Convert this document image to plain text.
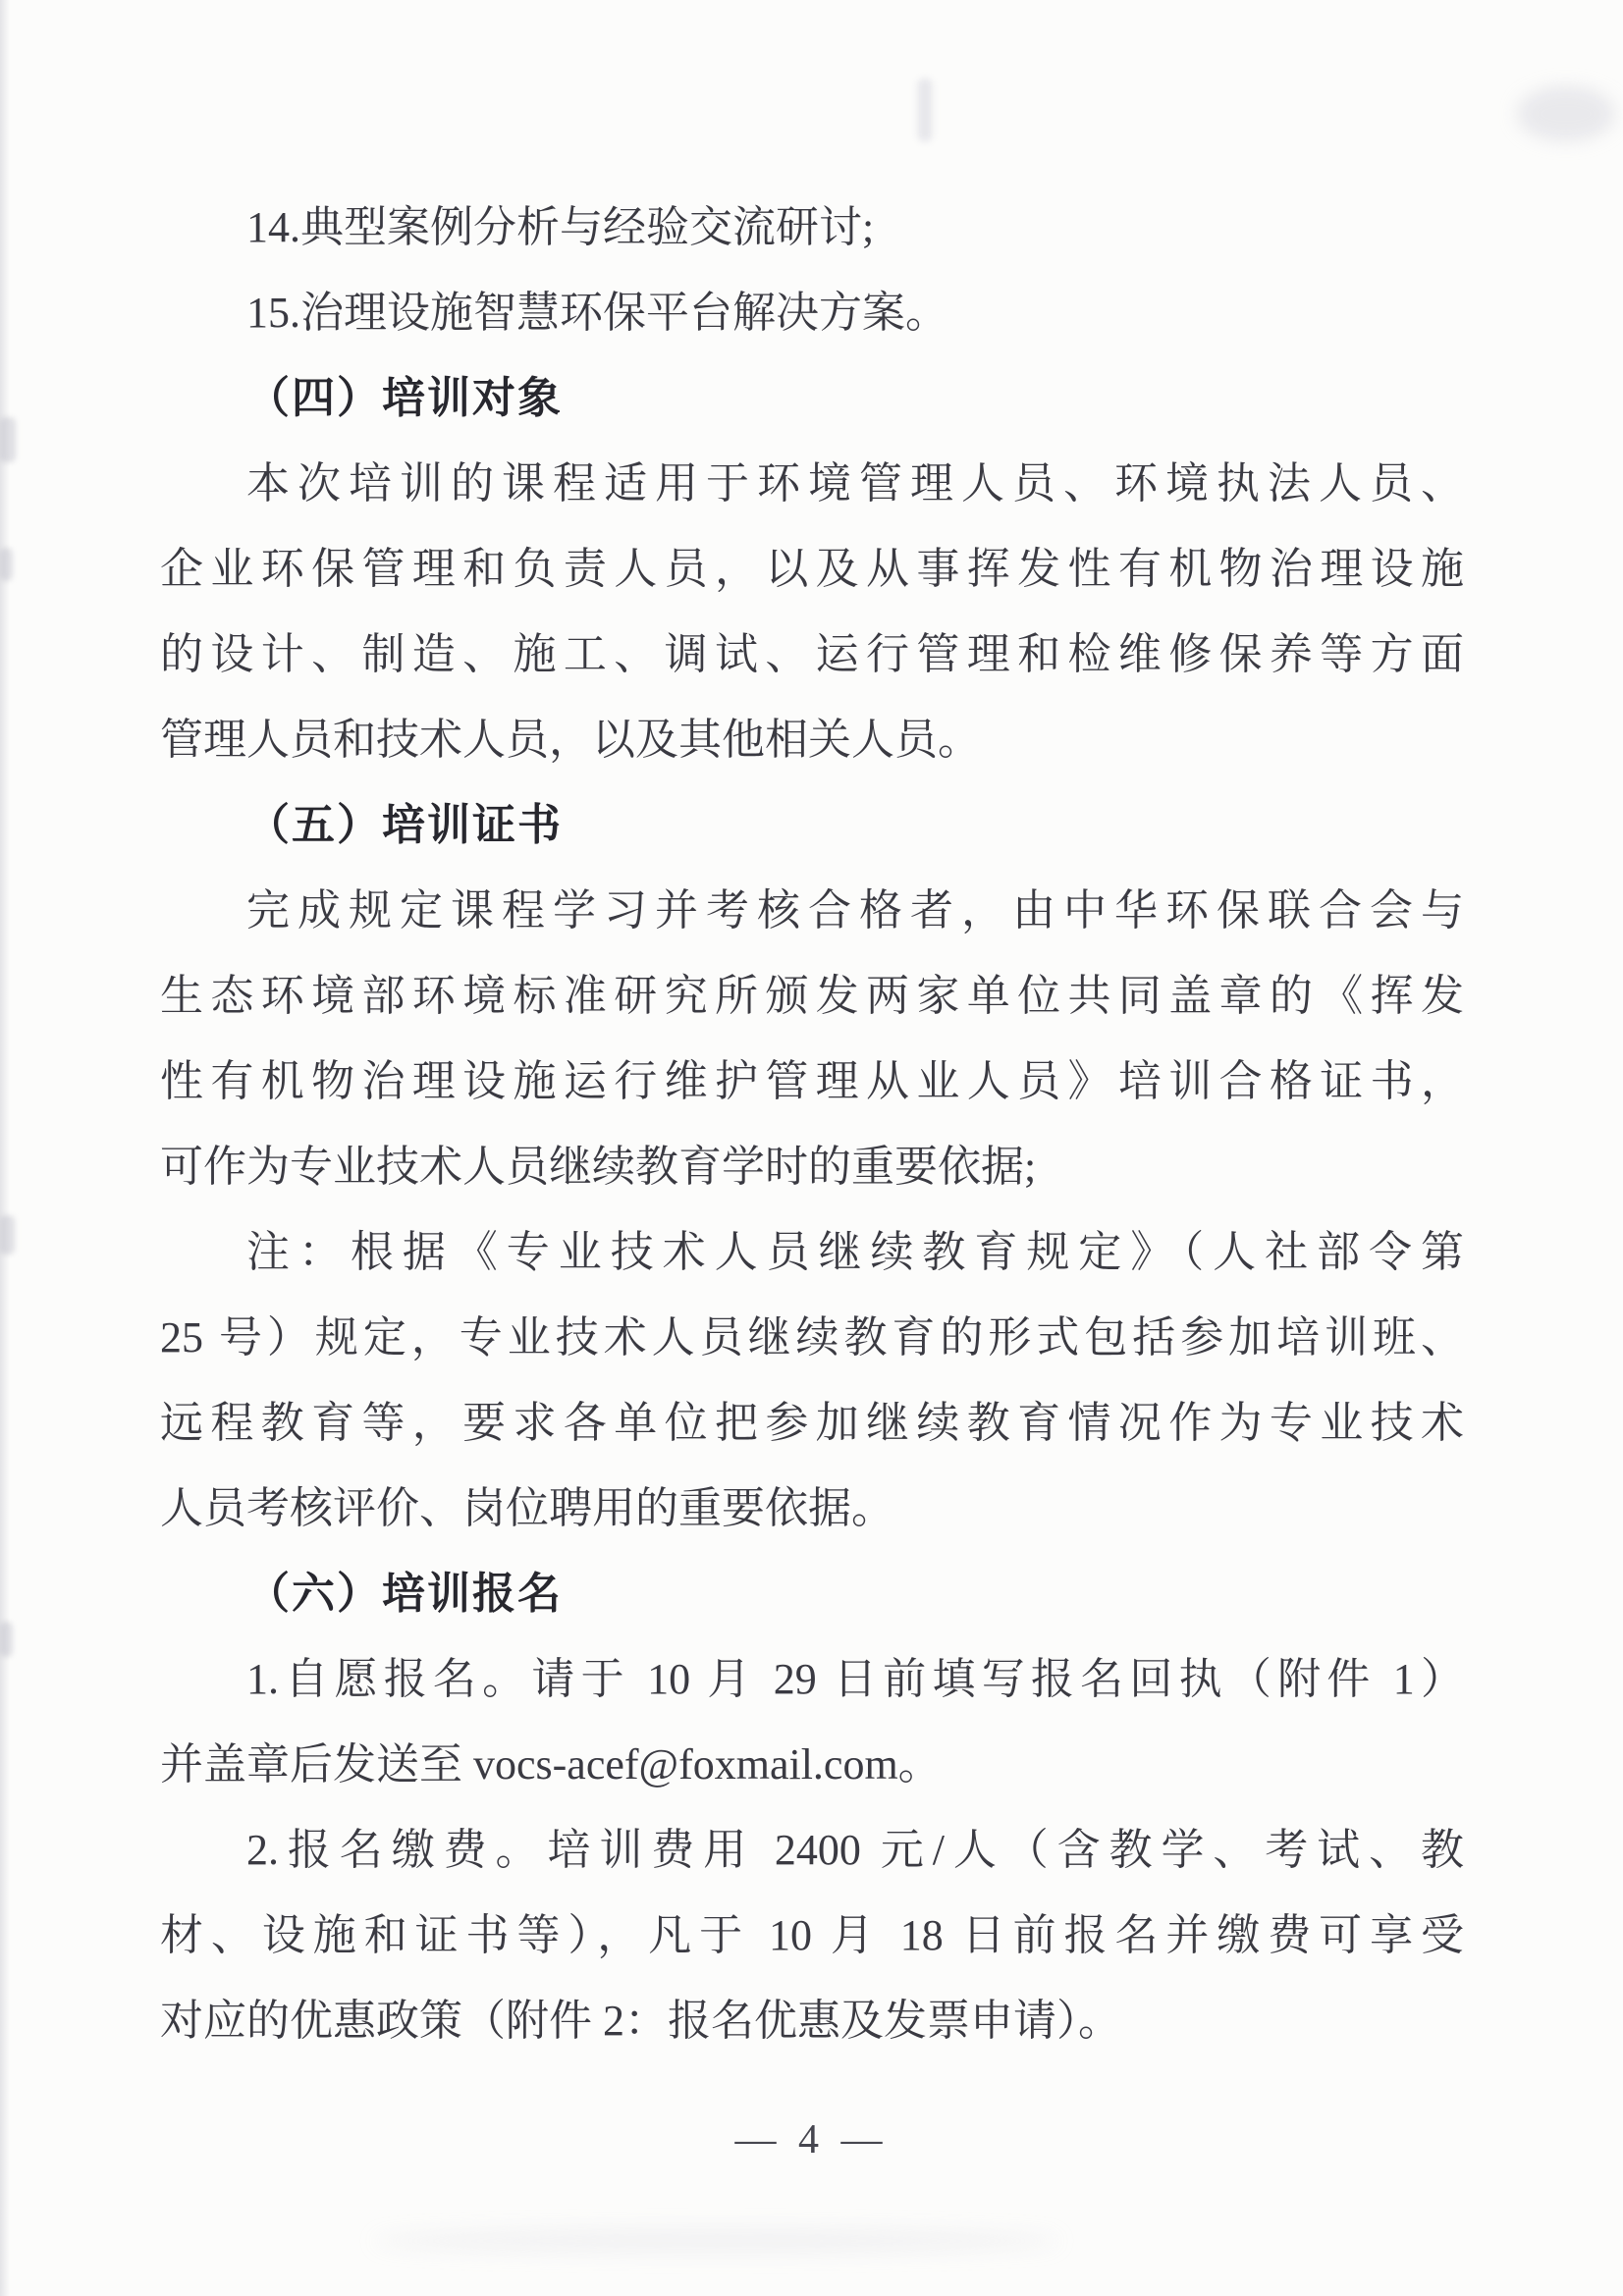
14.典型案例分析与经验交流研讨;
15.治理设施智慧环保平台解决方案。
（四）培训对象
本次培训的课程适用于环境管理人员、环境执法人员、
企业环保管理和负责人员，以及从事挥发性有机物治理设施
的设计、制造、施工、调试、运行管理和检维修保养等方面
管理人员和技术人员，以及其他相关人员。
（五）培训证书
完成规定课程学习并考核合格者，由中华环保联合会与
生态环境部环境标准研究所颁发两家单位共同盖章的《挥发
性有机物治理设施运行维护管理从业人员》培训合格证书，
可作为专业技术人员继续教育学时的重要依据;
注：根据《专业技术人员继续教育规定》（人社部令第
25 号）规定，专业技术人员继续教育的形式包括参加培训班、
远程教育等，要求各单位把参加继续教育情况作为专业技术
人员考核评价、岗位聘用的重要依据。
（六）培训报名
1.自愿报名。请于 10 月 29 日前填写报名回执（附件 1）
并盖章后发送至 vocs-acef@foxmail.com。
2.报名缴费。培训费用 2400 元/人（含教学、考试、教
材、设施和证书等），凡于 10 月 18 日前报名并缴费可享受
对应的优惠政策（附件 2：报名优惠及发票申请）。
— 4 —
